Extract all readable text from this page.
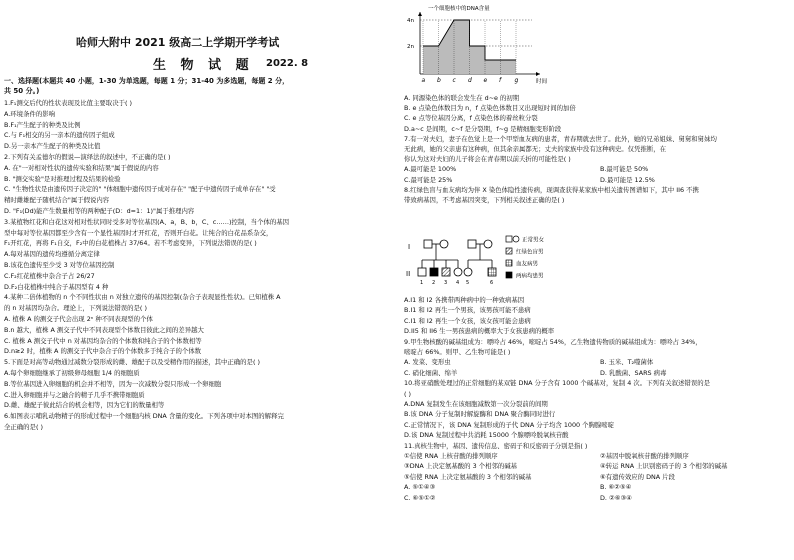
哈师大附中 2021 级高二上学期开学考试
生 物 试 题 2022. 8
一、选择题(本题共 40 小题，1-30 为单选题，每题 1 分；31-40 为多选题，每题 2 分，
共 50 分。)
1.F₁测交后代的性状表现及比值主要取决于( )
A.环境条件的影响
B.F₁产生配子的种类及比例
C.与 F₁相交的另一亲本的遗传因子组成
D.另一亲本产生配子的种类及比值
2.下列有关孟德尔的假说—演绎法的叙述中，不正确的是( )
A. 在"一对相对性状的遗传实验和结果"属于假说的内容
B. "测交实验"是对推理过程及结果的检验
C. "生物性状是由遗传因子决定的" "体细胞中遗传因子成对存在" "配子中遗传因子成单存在" "受
精时雌雄配子随机结合"属于假说内容
D. "F₁(Dd)能产生数量相等的两种配子(D：d=1：1)"属于推理内容
3.某植物红花和白花这对相对性状同时受多对等位基因(A、a，B、b，C、c……)控制，当个体的基因
型中每对等位基因都至少含有一个显性基因时才开红花，否则开白花。让纯合的白花品系杂交，
F₁开红花，再将 F₁自交，F₂中的白花植株占 37/64。若不考虑变异，下列说法错误的是( )
A.每对基因的遗传均遵循分离定律
B.该花色遗传至少受 3 对等位基因控制
C.F₂红花植株中杂合子占 26/27
D.F₂白花植株中纯合子基因型有 4 种
4.某种二倍体植物的 n 个不同性状由 n 对独立遗传的基因控制(杂合子表现显性性状)。已知植株 A
的 n 对基因均杂合。理论上，下列说法错误的是( )
A. 植株 A 的测交子代会出现 2ⁿ 种不同表现型的个体
B.n 越大，植株 A 测交子代中不同表现型个体数目彼此之间的差异越大
C. 植株 A 测交子代中 n 对基因均杂合的个体数和纯合子的个体数相等
D.n≥2 时，植株 A 的测交子代中杂合子的个体数多于纯合子的个体数
5.下面是对高等动物通过减数分裂形成的雌、雄配子以及受精作用的描述，其中正确的是( )
A.每个卵细胞继承了初级卵母细胞 1/4 的细胞质
B.等位基因进入卵细胞的机会并不相等，因为一次减数分裂只形成一个卵细胞
C.进入卵细胞并与之融合的精子几乎不携带细胞质
D.雌、雄配子彼此结合的机会相等，因为它们的数量相等
6.如图表示哺乳动物精子的形成过程中一个细胞内核 DNA 含量的变化。下列各项中对本图的解释完
全正确的是( )
一个细胞核中的DNA含量
时间
4n
2n
a b c d e f g
A. 同源染色体的联会发生在 d~e 的初期
B. e 点染色体数目为 n，f 点染色体数目又出现短时间的加倍
C. e 点等位基因分离，f 点染色体的着丝粒分裂
D.a~c 是间期，c~f 是分裂期，f~g 是精细胞变形阶段
7.有一对夫妇，妻子在色觉上是一个甲型血友病的患者，青春期就去世了。此外，她的兄弟姐妹、舅舅和舅妹均
无此病，她的父亲患有这种病，但其余亲属都无；丈夫的家族中没有这种病史。仅凭推断，在
你认为这对夫妇的儿子将会在青春期以前夭折的可能性是( )
A.最可能是 100%	B.最可能是 50%
C.最可能是 25%	D.最可能是 12.5%
8.红绿色盲与血友病均为伴 X 染色体隐性遗传病，现调查获得某家族中相关遗传图谱如下，其中 II6 不携
带致病基因，不考虑基因突变，下列相关叙述正确的是( )
I
II
1 2 3 4 5	6
正常男女
红绿色盲男
血友病男
两病均患男
A.I1 和 I2 各携带两种病中的一种致病基因
B.I1 和 I2 再生一个男孩，该男孩可能不患病
C.I1 和 I2 再生一个女孩，该女孩可能会患病
D.II5 和 II6 生一男孩患病的概率大于女孩患病的概率
9.甲生物核酸的碱基组成为：嘌呤占 46%，嘧啶占 54%，乙生物遗传物质的碱基组成为：嘌呤占 34%，
嘧啶占 66%。则甲、乙生物可能是( )
A. 发菜、变形虫	B. 玉米、T₂噬菌体
C. 硝化细菌、绵羊	D. 乳酸菌、SARS 病毒
10.将亚硝酸处理过的正常细胞的某双链 DNA 分子含有 1000 个碱基对，复制 4 次。下列有关叙述错误的是
( )
A.DNA 复制发生在该细胞减数第一次分裂前的间期
B.该 DNA 分子复制时解旋酶和 DNA 聚合酶同时进行
C.正常情况下，该 DNA 复制形成的子代 DNA 分子均含 1000 个胸腺嘧啶
D.该 DNA 复制过程中共消耗 15000 个腺嘌呤脱氧核苷酸
11.真核生物中，基因、遗传信息、密码子和反密码子分别是指( )
①信使 RNA 上核苷酸的排列顺序	②基因中脱氧核苷酸的排列顺序
③DNA 上决定氨基酸的 3 个相邻的碱基	④转运 RNA 上识别密码子的 3 个相邻的碱基
⑤信使 RNA 上决定氨基酸的 3 个相邻的碱基	⑥有遗传效应的 DNA 片段
A. ⑤①④③	B. ⑥②⑤④
C. ⑥⑤①②	D. ②⑥③④
